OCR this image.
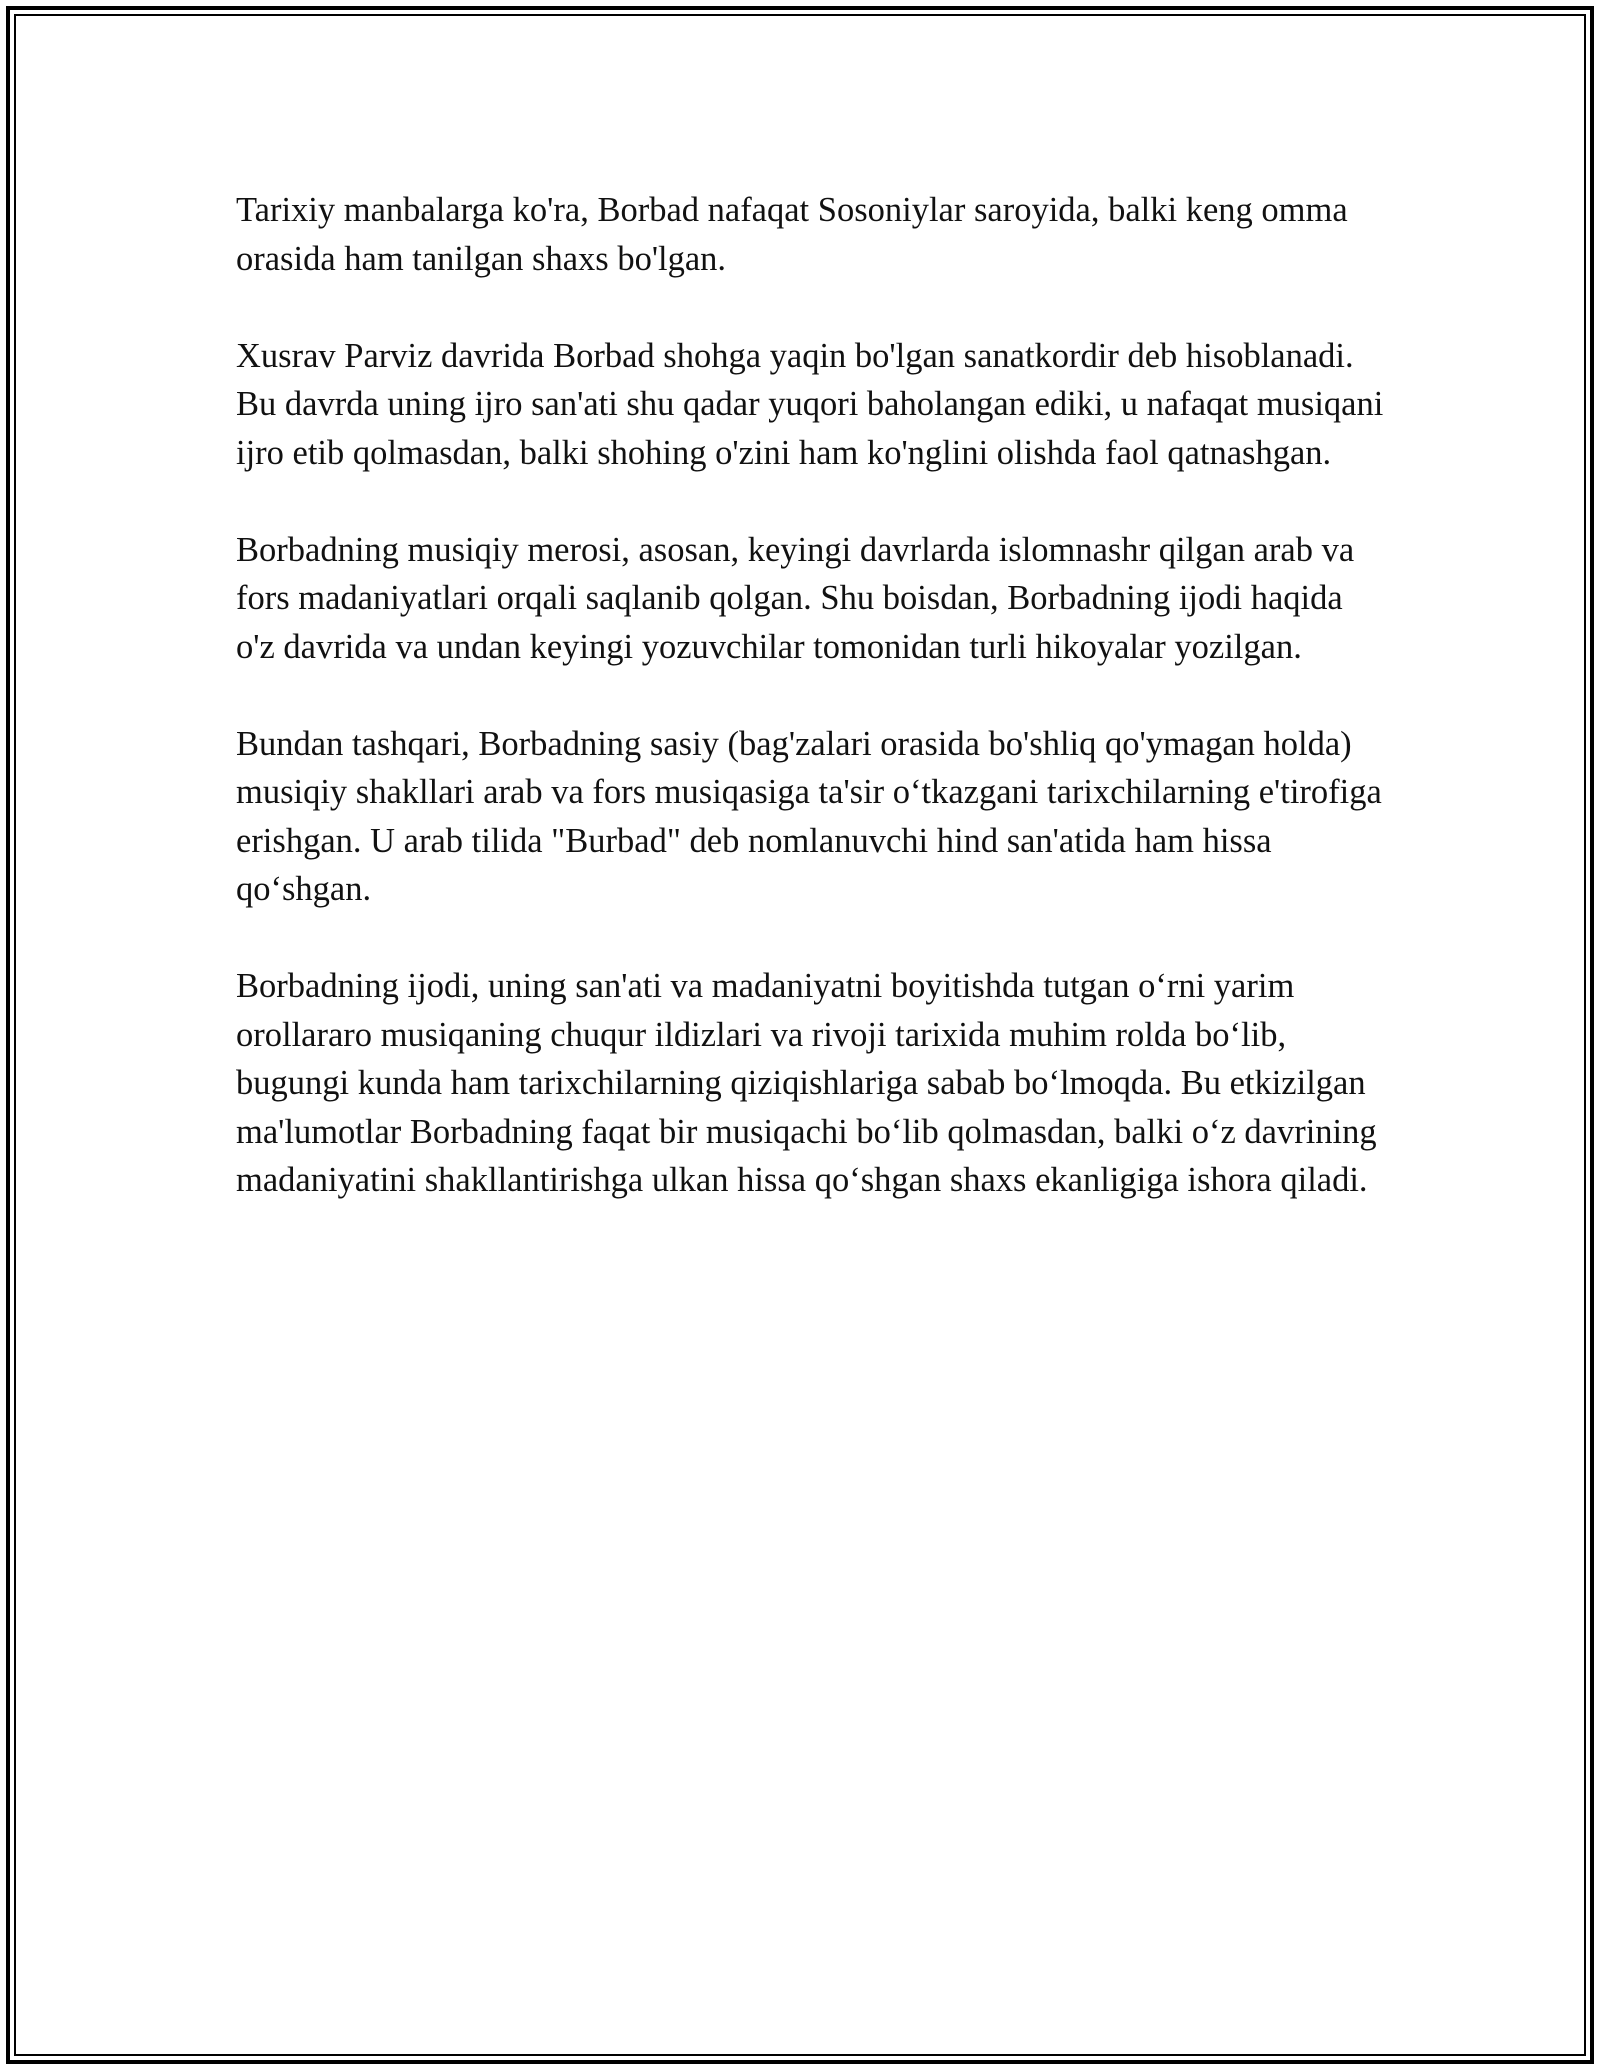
Tarixiy manbalarga ko'ra, Borbad nafaqat Sosoniylar saroyida, balki keng omma orasida ham tanilgan shaxs bo'lgan.

Xusrav Parviz davrida Borbad shohga yaqin bo'lgan sanatkordir deb hisoblanadi. Bu davrda uning ijro san'ati shu qadar yuqori baholangan ediki, u nafaqat musiqani ijro etib qolmasdan, balki shohing o'zini ham ko'nglini olishda faol qatnashgan.

Borbadning musiqiy merosi, asosan, keyingi davrlarda islomnashr qilgan arab va fors madaniyatlari orqali saqlanib qolgan. Shu boisdan, Borbadning ijodi haqida o'z davrida va undan keyingi yozuvchilar tomonidan turli hikoyalar yozilgan.

Bundan tashqari, Borbadning sasiy (bag'zalari orasida bo'shliq qo'ymagan holda) musiqiy shakllari arab va fors musiqasiga ta'sir o‘tkazgani tarixchilarning e'tirofiga erishgan. U arab tilida "Burbad" deb nomlanuvchi hind san'atida ham hissa qo‘shgan.

Borbadning ijodi, uning san'ati va madaniyatni boyitishda tutgan o‘rni yarim orollararo musiqaning chuqur ildizlari va rivoji tarixida muhim rolda bo‘lib, bugungi kunda ham tarixchilarning qiziqishlariga sabab bo‘lmoqda. Bu etkizilgan ma'lumotlar Borbadning faqat bir musiqachi bo‘lib qolmasdan, balki o‘z davrining madaniyatini shakllantirishga ulkan hissa qo‘shgan shaxs ekanligiga ishora qiladi.
